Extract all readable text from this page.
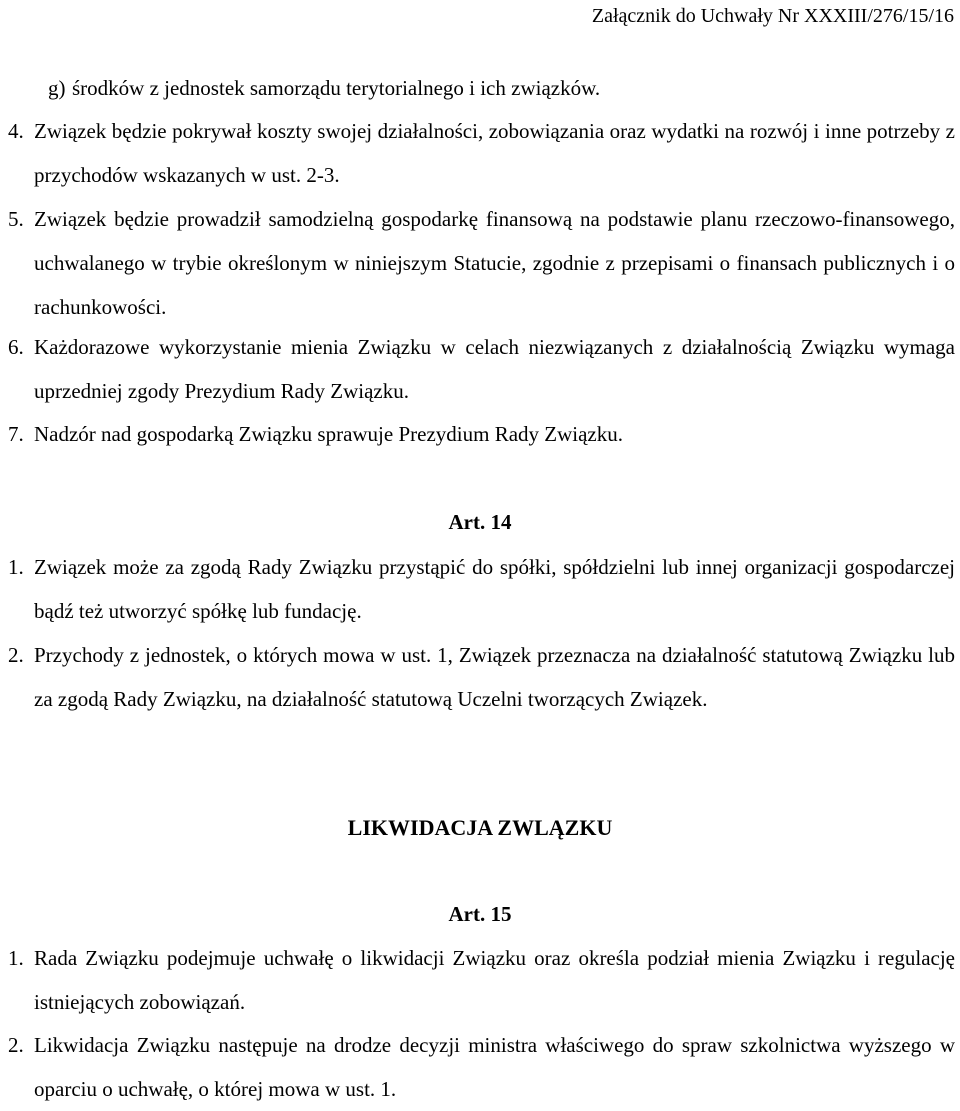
Załącznik do Uchwały Nr XXXIII/276/15/16
g) środków z jednostek samorządu terytorialnego i ich związków.
4. Związek będzie pokrywał koszty swojej działalności, zobowiązania oraz wydatki na rozwój i inne potrzeby z przychodów wskazanych w ust. 2-3.
5. Związek będzie prowadził samodzielną gospodarkę finansową na podstawie planu rzeczowo-finansowego, uchwalanego w trybie określonym w niniejszym Statucie, zgodnie z przepisami o finansach publicznych i o rachunkowości.
6. Każdorazowe wykorzystanie mienia Związku w celach niezwiązanych z działalnością Związku wymaga uprzedniej zgody Prezydium Rady Związku.
7. Nadzór nad gospodarką Związku sprawuje Prezydium Rady Związku.
Art. 14
1. Związek może za zgodą Rady Związku przystąpić do spółki, spółdzielni lub innej organizacji gospodarczej bądź też utworzyć spółkę lub fundację.
2. Przychody z jednostek, o których mowa w ust. 1, Związek przeznacza na działalność statutową Związku lub za zgodą Rady Związku, na działalność statutową Uczelni tworzących Związek.
LIKWIDACJA ZWLĄZKU
Art. 15
1. Rada Związku podejmuje uchwałę o likwidacji Związku oraz określa podział mienia Związku i regulację istniejących zobowiązań.
2. Likwidacja Związku następuje na drodze decyzji ministra właściwego do spraw szkolnictwa wyższego w oparciu o uchwałę, o której mowa w ust. 1.
